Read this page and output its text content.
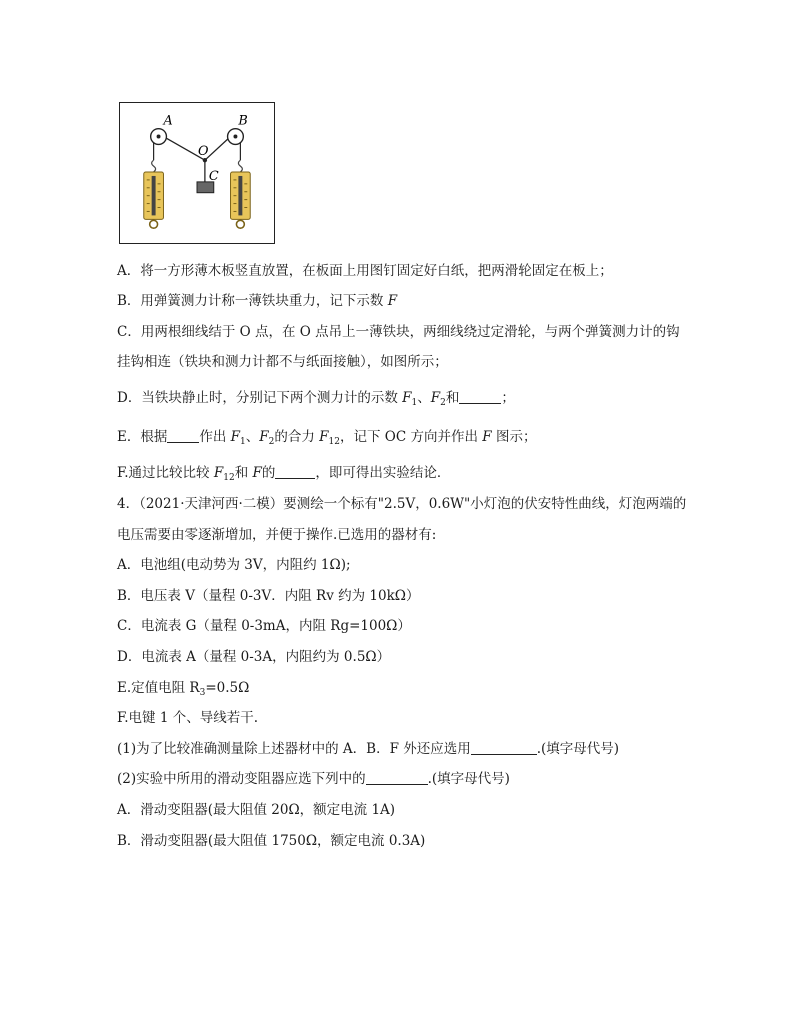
A	B
O
C
A．将一方形薄木板竖直放置，在板面上用图钉固定好白纸，把两滑轮固定在板上；
B．用弹簧测力计称一薄铁块重力，记下示数 F
C．用两根细线结于 O 点，在 O 点吊上一薄铁块，两细线绕过定滑轮，与两个弹簧测力计的钩
挂钩相连（铁块和测力计都不与纸面接触），如图所示；
D．当铁块静止时，分别记下两个测力计的示数 $F_1$、$F_2$和	；
E．根据 作出 $F_1$、$F_2$的合力 $F_{12}$，记下 OC 方向并作出 F 图示；
F.通过比较比较 $F_{12}$和 F的	，即可得出实验结论．
4．（2021·天津河西·二模）要测绘一个标有"2.5V，0.6W"小灯泡的伏安特性曲线，灯泡两端的
电压需要由零逐渐增加，并便于操作.已选用的器材有:
A．电池组(电动势为 3V，内阻约 1Ω);
B．电压表 V（量程 0-3V．内阻 Rv 约为 10kΩ）
C．电流表 G（量程 0-3mA，内阻 Rg=100Ω）
D．电流表 A（量程 0-3A，内阻约为 0.5Ω）
E.定值电阻 $R_3=0.5\Omega$
F.电键 1 个、导线若干.
(1)为了比较准确测量除上述器材中的 A．B．F 外还应选用	.(填字母代号)
(2)实验中所用的滑动变阻器应选下列中的	.(填字母代号)
A．滑动变阻器(最大阻值 20Ω，额定电流 1A)
B．滑动变阻器(最大阻值 1750Ω，额定电流 0.3A)
